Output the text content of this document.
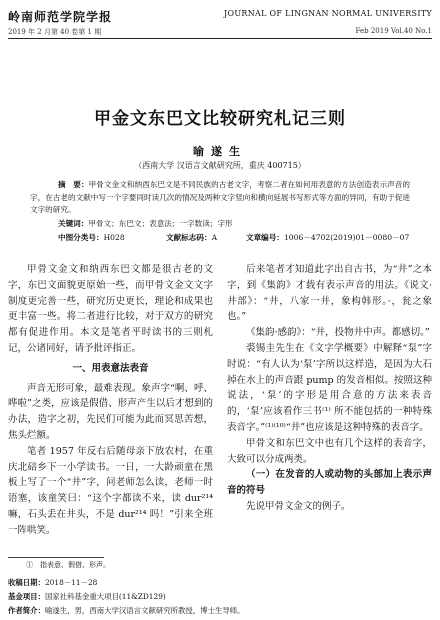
岭南师范学院学报
2019 年 2 月第 40 卷第 1 期
JOURNAL OF LINGNAN NORMAL UNIVERSITY
Feb 2019 Vol.40 No.1
甲金文东巴文比较研究札记三则
喻遂生
（西南大学 汉语言文献研究所，重庆 400715）
摘　要：甲骨文金文和纳西东巴文是不同民族的古老文字，考察二者在如何用表意的方法创造表示声音的字，在古老的文献中写一个字要同时读几次的情况及两种文字竖向和横向延展书写形式等方面的异同，有助于促进文字的研究。
关键词：甲骨文；东巴文；表意法；一字数读；字形
中图分类号：H028	文献标志码：A	文章编号：1006－4702(2019)01－0080－07

甲骨文金文和纳西东巴文都是很古老的文字，东巴文面貌更原始一些，而甲骨文金文文字制度更完善一些，研究历史更长，理论和成果也更丰富一些。将二者进行比较，对于双方的研究都有促进作用。本文是笔者平时读书的三则札记，公诸同好，请予批评指正。

一、用表意法表音

声音无形可象，最难表现。象声字“啊、呼、哗啦”之类，应该是假借、形声产生以后才想到的办法，造字之初，先民们可能为此而冥思苦想，焦头烂额。

笔者 1957 年反右后随母亲下放农村，在重庆北碚乡下一小学读书。一日，一大龄顽童在黑板上写了一个“井”字，问老师怎么读，老师一时语塞，该童笑曰：“这个字都读不来，读 dur²¹⁴ 嘛，石头丢在井头，不是 dur²¹⁴ 吗！”引来全班一阵哄笑。

后来笔者才知道此字出自古书，为“井”之本字，到《集韵》才载有表示声音的用法。《说文·井部》：“井，八家一井，象构韩形。·，瓮之象也。”

《集韵·感韵》：“井，投物井中声。都感切。”

裘锡圭先生在《文字学概要》中解释“泵”字时说：“有人认为‘泵’字所以这样造，是因为大石掉在水上的声音跟 pump 的发音相似。按照这种说法，‘泵’的字形是用合意的方法来表音的，‘泵’应该看作三书⁽¹⁾ 所不能包括的一种特殊表音字。”⁽¹⁾⁽¹⁰⁾“井”也应该是这种特殊的表音字。

甲骨文和东巴文中也有几个这样的表音字，大致可以分成两类。

（一）在发音的人或动物的头部加上表示声音的符号

先说甲骨文金文的例子。

①　指表意、假借、形声。
收稿日期：2018－11－28
基金项目：国家社科基金重大项目(11&ZD129)
作者简介：喻遂生，男，西南大学汉语言文献研究所教授，博士生导师。
